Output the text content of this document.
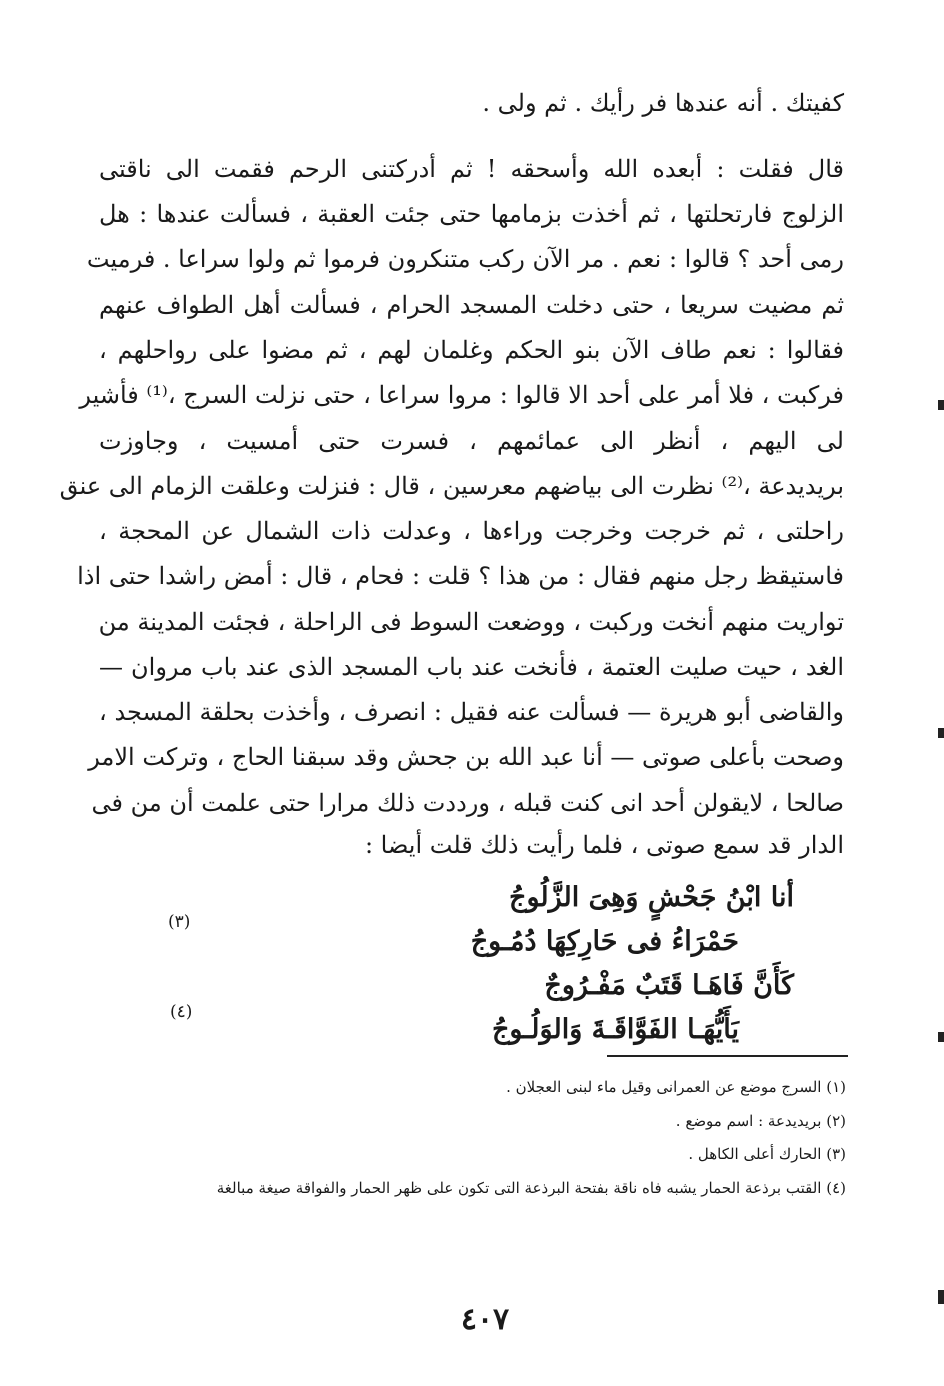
كفيتك . أنه عندها فر رأيك . ثم ولى .
قال فقلت : أبعده الله وأسحقه ! ثم أدركتنى الرحم فقمت الى ناقتى
الزلوج فارتحلتها ، ثم أخذت بزمامها حتى جئت العقبة ، فسألت عندها : هل
رمى أحد ؟ قالوا : نعم . مر الآن ركب متنكرون فرموا ثم ولوا سراعا . فرميت
ثم مضيت سريعا ، حتى دخلت المسجد الحرام ، فسألت أهل الطواف عنهم
فقالوا : نعم طاف الآن بنو الحكم وغلمان لهم ، ثم مضوا على رواحلهم ،
فركبت ، فلا أمر على أحد الا قالوا : مروا سراعا ، حتى نزلت السرج ،⁽¹⁾ فأشير
لى اليهم ، أنظر الى عمائمهم ، فسرت حتى أمسيت ، وجاوزت
بريديدعة ،⁽²⁾ نظرت الى بياضهم معرسين ، قال : فنزلت وعلقت الزمام الى عنق
راحلتى ، ثم خرجت وخرجت وراءها ، وعدلت ذات الشمال عن المحجة ،
فاستيقظ رجل منهم فقال : من هذا ؟ قلت : فحام ، قال : أمض راشدا حتى اذا
تواريت منهم أنخت وركبت ، ووضعت السوط فى الراحلة ، فجئت المدينة من
الغد ، حيت صليت العتمة ، فأنخت عند باب المسجد الذى عند باب مروان —
والقاضى أبو هريرة — فسألت عنه فقيل : انصرف ، وأخذت بحلقة المسجد ،
وصحت بأعلى صوتى — أنا عبد الله بن جحش وقد سبقنا الحاج ، وتركت الامر
صالحا ، لايقولن أحد انى كنت قبله ، ورددت ذلك مرارا حتى علمت أن من فى
الدار قد سمع صوتى ، فلما رأيت ذلك قلت أيضا :
أنا ابْنُ جَحْشٍ وَهِىَ الزَّلُوجُ
حَمْرَاءُ فى حَارِكِهَا دُمُـوجُ
(٣)
كَأَنَّ فَاهَـا قَتَبٌ مَفْـرُوجٌ
يَأَيُّهَـا الفَوَّاقَـةَ وَالوَلُـوجُ
(٤)
(١) السرج موضع عن العمرانى وقيل ماء لبنى العجلان .
(٢) بريديدعة : اسم موضع .
(٣) الحارك أعلى الكاهل .
(٤) القتب برذعة الحمار يشبه فاه ناقة بفتحة البرذعة التى تكون على ظهر الحمار والفواقة صيغة مبالغة
٤٠٧
